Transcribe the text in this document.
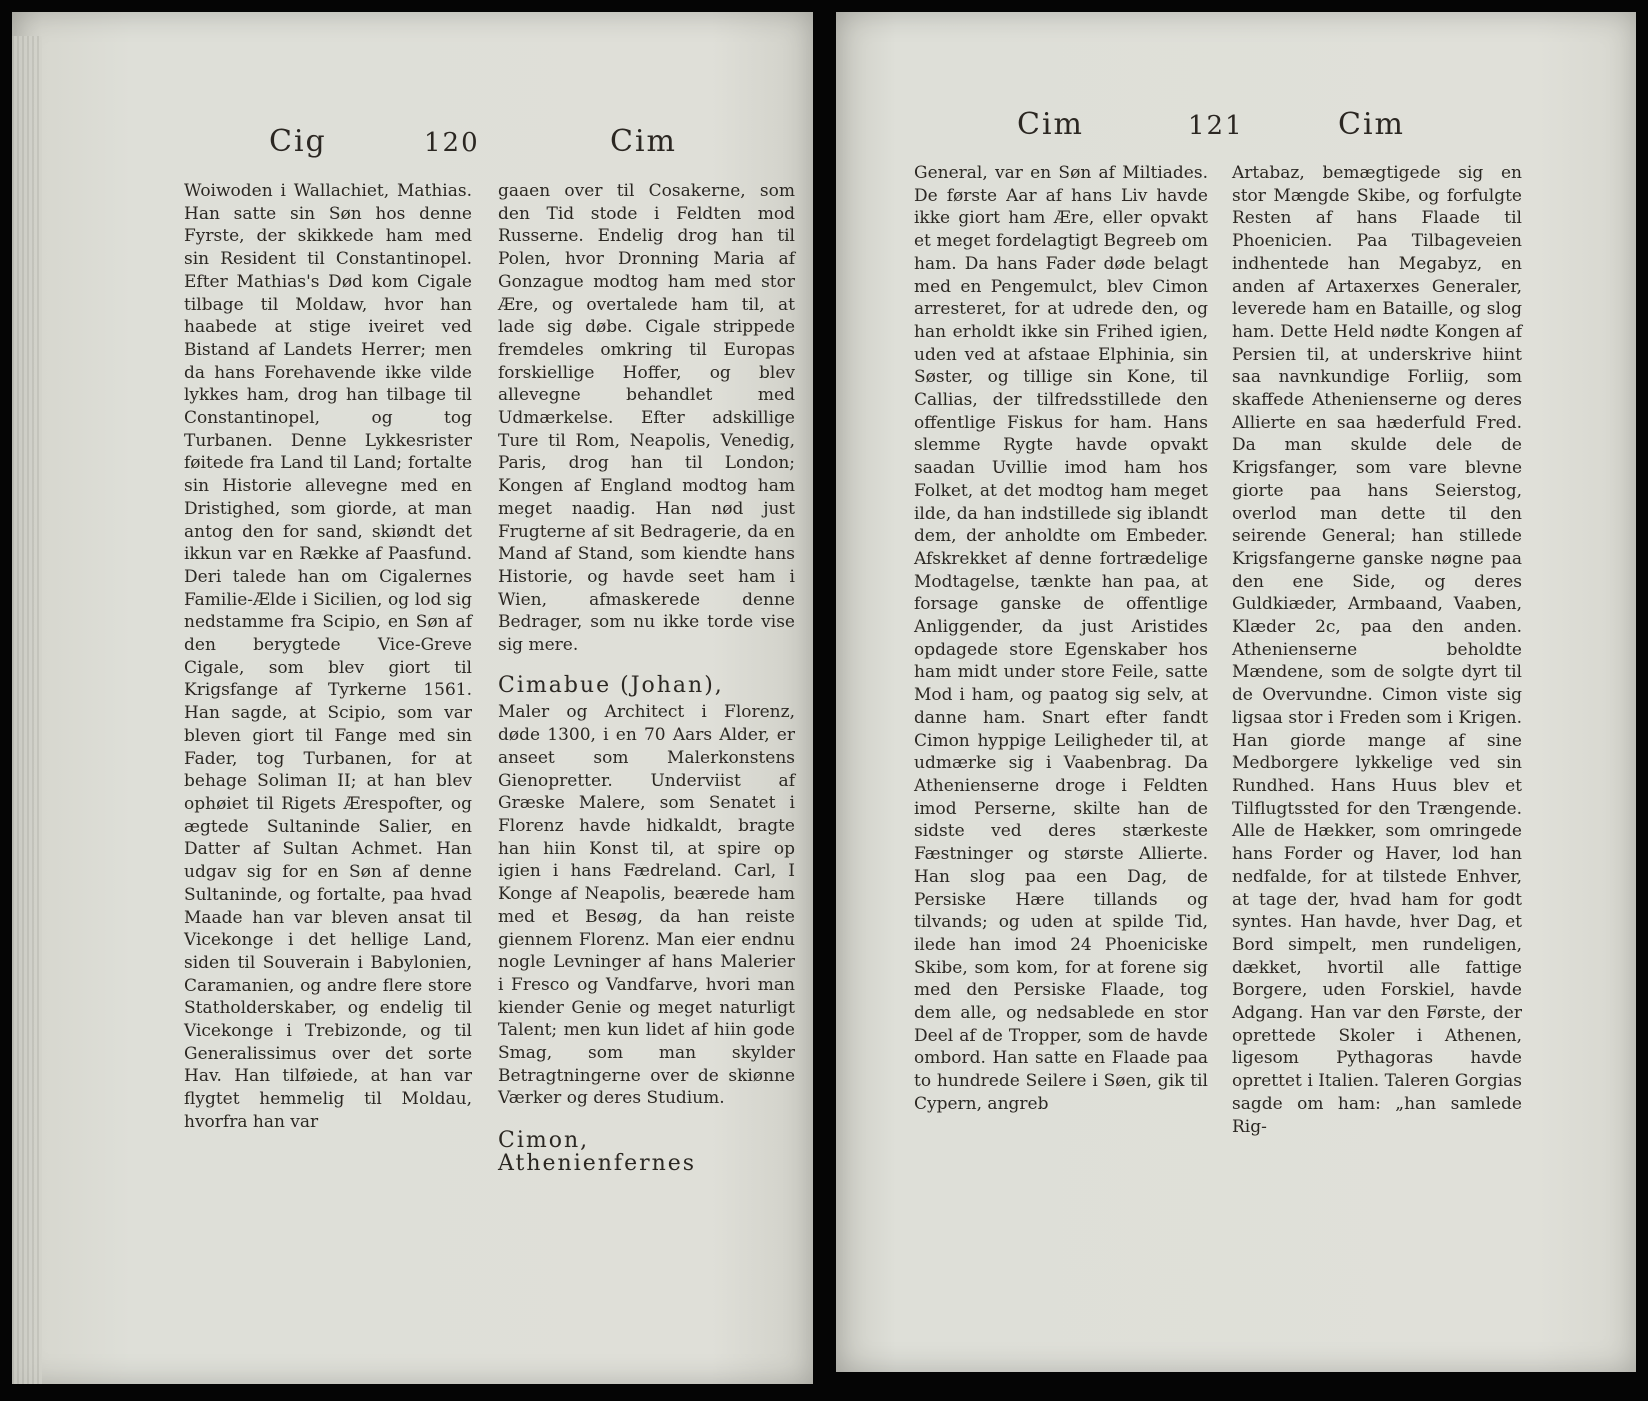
Cig	120	Cim

Woiwoden i Wallachiet, Mathias. Han satte sin Søn hos denne Fyrste, der skikkede ham med sin Resident til Constantinopel. Efter Mathias's Død kom Cigale tilbage til Moldaw, hvor han haabede at stige iveiret ved Bistand af Landets Herrer; men da hans Forehavende ikke vilde lykkes ham, drog han tilbage til Constantinopel, og tog Turbanen. Denne Lykkesrister føitede fra Land til Land; fortalte sin Historie allevegne med en Dristighed, som giorde, at man antog den for sand, skiøndt det ikkun var en Række af Paasfund. Deri talede han om Cigalernes Familie-Ælde i Sicilien, og lod sig nedstamme fra Scipio, en Søn af den berygtede Vice-Greve Cigale, som blev giort til Krigsfange af Tyrkerne 1561. Han sagde, at Scipio, som var bleven giort til Fange med sin Fader, tog Turbanen, for at behage Soliman II; at han blev ophøiet til Rigets Ærespofter, og ægtede Sultaninde Salier, en Datter af Sultan Achmet. Han udgav sig for en Søn af denne Sultaninde, og fortalte, paa hvad Maade han var bleven ansat til Vicekonge i det hellige Land, siden til Souverain i Babylonien, Caramanien, og andre flere store Statholderskaber, og endelig til Vicekonge i Trebizonde, og til Generalissimus over det sorte Hav. Han tilføiede, at han var flygtet hemmelig til Moldau, hvorfra han var

gaaen over til Cosakerne, som den Tid stode i Feldten mod Russerne. Endelig drog han til Polen, hvor Dronning Maria af Gonzague modtog ham med stor Ære, og overtalede ham til, at lade sig døbe. Cigale strippede fremdeles omkring til Europas forskiellige Hoffer, og blev allevegne behandlet med Udmærkelse. Efter adskillige Ture til Rom, Neapolis, Venedig, Paris, drog han til London; Kongen af England modtog ham meget naadig. Han nød just Frugterne af sit Bedragerie, da en Mand af Stand, som kiendte hans Historie, og havde seet ham i Wien, afmaskerede denne Bedrager, som nu ikke torde vise sig mere.

Cimabue (Johan),

Maler og Architect i Florenz, døde 1300, i en 70 Aars Alder, er anseet som Malerkonstens Gienopretter. Underviist af Græske Malere, som Senatet i Florenz havde hidkaldt, bragte han hiin Konst til, at spire op igien i hans Fædreland. Carl, I Konge af Neapolis, beærede ham med et Besøg, da han reiste giennem Florenz. Man eier endnu nogle Levninger af hans Malerier i Fresco og Vandfarve, hvori man kiender Genie og meget naturligt Talent; men kun lidet af hiin gode Smag, som man skylder Betragtningerne over de skiønne Værker og deres Studium.

Cimon, Athenienfernes
Cim	121	Cim

General, var en Søn af Miltiades. De første Aar af hans Liv havde ikke giort ham Ære, eller opvakt et meget fordelagtigt Begreeb om ham. Da hans Fader døde belagt med en Pengemulct, blev Cimon arresteret, for at udrede den, og han erholdt ikke sin Frihed igien, uden ved at afstaae Elphinia, sin Søster, og tillige sin Kone, til Callias, der tilfredsstillede den offentlige Fiskus for ham. Hans slemme Rygte havde opvakt saadan Uvillie imod ham hos Folket, at det modtog ham meget ilde, da han indstillede sig iblandt dem, der anholdte om Embeder. Afskrekket af denne fortrædelige Modtagelse, tænkte han paa, at forsage ganske de offentlige Anliggender, da just Aristides opdagede store Egenskaber hos ham midt under store Feile, satte Mod i ham, og paatog sig selv, at danne ham. Snart efter fandt Cimon hyppige Leiligheder til, at udmærke sig i Vaabenbrag. Da Athenienserne droge i Feldten imod Perserne, skilte han de sidste ved deres stærkeste Fæstninger og største Allierte. Han slog paa een Dag, de Persiske Hære tillands og tilvands; og uden at spilde Tid, ilede han imod 24 Phoeniciske Skibe, som kom, for at forene sig med den Persiske Flaade, tog dem alle, og nedsablede en stor Deel af de Tropper, som de havde ombord. Han satte en Flaade paa to hundrede Seilere i Søen, gik til Cypern, angreb

Artabaz, bemægtigede sig en stor Mængde Skibe, og forfulgte Resten af hans Flaade til Phoenicien. Paa Tilbageveien indhentede han Megabyz, en anden af Artaxerxes Generaler, leverede ham en Bataille, og slog ham. Dette Held nødte Kongen af Persien til, at underskrive hiint saa navnkundige Forliig, som skaffede Athenienserne og deres Allierte en saa hæderfuld Fred. Da man skulde dele de Krigsfanger, som vare blevne giorte paa hans Seierstog, overlod man dette til den seirende General; han stillede Krigsfangerne ganske nøgne paa den ene Side, og deres Guldkiæder, Armbaand, Vaaben, Klæder 2c, paa den anden. Athenienserne beholdte Mændene, som de solgte dyrt til de Overvundne. Cimon viste sig ligsaa stor i Freden som i Krigen. Han giorde mange af sine Medborgere lykkelige ved sin Rundhed. Hans Huus blev et Tilflugtssted for den Trængende. Alle de Hækker, som omringede hans Forder og Haver, lod han nedfalde, for at tilstede Enhver, at tage der, hvad ham for godt syntes. Han havde, hver Dag, et Bord simpelt, men rundeligen, dækket, hvortil alle fattige Borgere, uden Forskiel, havde Adgang. Han var den Første, der oprettede Skoler i Athenen, ligesom Pythagoras havde oprettet i Italien. Taleren Gorgias sagde om ham: „han samlede Rig-
